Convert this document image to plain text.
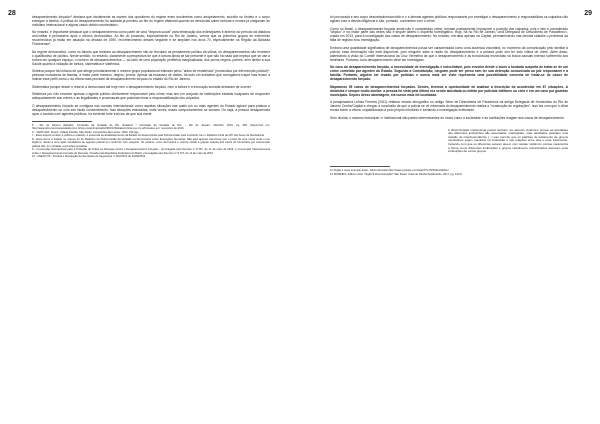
28	desaparecimento forçado¹⁰ destaca que inicialmente as mortes dos opositores do regime eram encobertas como atropelamento, suicídio ou tiroteio e o corpo entregue à família. A prática do desaparecimento foi adotada já próximo ao fim do regime ditatorial quando as denúncias sobre torturas e mortes já chegavam ao noticiário internacional e alguns casos obtido notoriedade¹¹.

No entanto, é importante destacar que o desaparecimento como parte de uma "limpeza social" para eliminação dos indesejáveis é anterior ao período da ditadura civil-militar e permanece após o retorno democrático. Ao fim do processo, especialmente no Rio de Janeiro, vemos que os primeiros grupos de extermínio reconhecidos já estão em atuação na década de 1950, reconhecimento desses seguinte e se ampliam nos anos 70, especialmente na Região da Baixada Fluminense⁵.

No regime democrático, como os fatores que levaram ao desaparecimento não se vinculam as pensamento político da vítima, os desaparecimentos não recebem o qualificativo de político. Neste sentido, no entanto, claramente a perspectiva de que a tortura ainda se faz presente e que não há nada que impeça que se use a tortura em qualquer espaço, o número de desaparecimentos — ao lado de uma população periférica marginalizada, dos povos negros, pobres, sem direito a sua Saúde quanto à violação de tortura, sistemática e sistêmica.

Seletiva porque há indícios de que atinge prioritariamente o mesmo grupo populacional vitimado pelos "autos de resistência" (homicídios por intervenção policial)⁶; pessoas moradoras de favelas, a maior parte homens, negros, jovens. Apesar da escassez de dados, há todo um indicativo que consigamos traçar mas levam a indicar esse perfil como o da vítima mais provável de desaparecimento forçado no estado do Rio de Janeiro.

Sistemática porque desde o retorno a democracia até hoje nem o desaparecimento forçado, nem a tortura e a execução sumária deixaram de ocorrer.

Sistêmica por não envolver apenas o agente público diretamente responsável pelo crime, mas sim um conjunto de instituições estatais incapazes de responder adequadamente aos crimes e as ilegalidades e processuais que poderiam levar a responsabilização dos culpados.

O desaparecimento forçado se configura nas normas internacionais como aquelas situações nas quais um ou mais agentes do Estado agiram para praticar o desaparecimento ou com seu tácito consentimento. Nas situações estudadas, mais vezes, esses comportamentos se somam. Ou seja, a pessoa desaparecida após o contato com agentes públicos, há evidente forte indícios de que sua morte

5 - Rio de Janeiro (Estado). Comissão da Verdade do Rio. Relatório / Comissão da Verdade do Rio. – Rio de Janeiro: CEV-Rio, 2015. pg. 384. Disponível em: http://www.documentosrevelados.com.br/wp-content/uploads/2016/12/Relatorio-final-cev-rio.pdf Acesso em: novembro de 2019.
6 – VENTURA, Zuenir. Cidade Partida. São Paulo: Companhia das Letras, 1994. 156 pgs.
7 - Esse arquivo contém a política e relatório, é essencial ao Estabelecimento da Estado foi desenvolvido pela Subcomissão para contribuir com o Relatório Final da CPI dos Autos de Resistência.
8 - Esse termo é tratado no volume 01 do Relatório da Subcomissão da Verdade na Democracia sobre Execuções Sumárias. Não aqui apenas mencionar que o preço de uma morte onde o uso legítimo, direito a uma ação mandatória de agentes policial em confronto com suspeito. No entanto, como demonstra o volume citado a grande maioria dos casos de homicídios por intervenção policial são, em verdade, execuções sumárias.
9 - Convenção Internacional para a Proteção de Todas as Pessoas contra o Desaparecimento Forçado - promulgada pelo Decreto nº 8.767, de 11 de maio de 2016, e Convenção Interamericana sobre o Desaparecimento Forçado de Pessoas, firmada pela República Federativa do Brasil, promulgada pelo Decreto nº 8.767, de 11 de maio de 2016.
10 - ANEXO 03 - Portaria e Resolução da Secretaria de Segurança nº 922/2014 de 22/09/2014.
29

foi provocada e seu corpo descartado/escondido e o s demais agentes públicos responsáveis por investigar o desaparecimento e responsabilizar os culpados não agiram com a devida diligência e são, portanto, coniventes com o crime.

Como no Brasil, o desaparecimento forçado ainda não é considerado crime, tornase praticamente impossível a punição dos culpados, pois o fato é considerado "atípico" e na maior parte das vezes não é sequer aberto o inquérito investigativo. Hoje, há no Rio de Janeiro, uma Delegacia de Descoberta de Paradeiros¹¹, criada em 2013, para a investigação dos casos de desaparecimento. No entanto, ela atua apenas na Capital, permanecendo nas demais cidades o problema da falta de registro e/ou investigação.

Embora uma quantidade significativa de desaparecimentos possa ser caracterizada como uma ausência voluntária, no momento da comunicação pelo familiar à polícia, essa informação não está disponível, pois ninguém sabe a razão do desaparecimento e a pessoa pode sim ter sido vítima de crime. Além disso, adentrando a visão do Comitê Internacional da Cruz Vermelha de que o desaparecimento e as burocracias envolvidas na busca causam intenso sofrimento aos familiares. Portanto, todo desaparecimento deve ser investigado.

No caso do desaparecimento forçado, a necessidade de investigação é indeclinável, pois envolve desde o início a fundada suspeita de tratar-se de um crime cometido por agentes do Estado. Segundo a Constituição, ninguém pode ser preso sem ter sua detenção comunicada ao juiz responsável e a família. Portanto, alguém ser levado por policiais e nunca mais ser visto representa uma possibilidade concreta de tratar-se de casos de desaparecimento forçado.

Mapeamos 95 casos de desaparecimentos forçados. Destes, tivemos a oportunidade de analisar a descrição do acontecido em 87 situações. A dinâmica é sempre muito similar: a pessoa foi vista pela última vez sendo abordada ou detida por policiais militares ou civis e em um caso por guardas municipais. Depois desse abordagem, ela nunca mais foi localizada.

A pesquisadora Letícia Ferreira (2011) realizou estudo etnográfico no antigo Setor de Descoberta de Paradeiros da antiga Delegacia de Homicídios do Rio de Janeiro Centro/Capital e chegou a conclusão de que a polícia se vê informada do desaparecimento realiza a "construção de regulações", isso faz com que o olhar recaia sobre a vítima, culpabilizando-a pelo próprio infortúnio e tornando a investigação irrelevante.

Sem dúvida, o racismo estrutural¹² e institucional são partes determinantes do modo como a sociedade e as instituições reagem aos casos de desaparecimento.

A discriminação institucional possui também um aspecto sistêmico porque as atividades das diferentes instituições são associadas, interligadas, suas atividades guardam uma relação de interdependência (...) isso permite que os padrões de tratamento de grupos minoritários sejam mantidos na instituição e nas relações entre elas e esse tratamento, trazendo com que os diferentes setores atuem com caráter sistêmico porque caracteriza a forma como diferentes instituições e grupos racialmente subordinados acessam suas instituições de certos grupos.
11 Órgão é outro exemplo atual - Sílvio Almeida https://www.youtube.com/watch?v=FPDdGsGDiGU
12 MOREIRA, Adilson José. Órgão É Discriminação? São Paulo: Casa do Direito/Justificando, 2017, pg. 134-5.
